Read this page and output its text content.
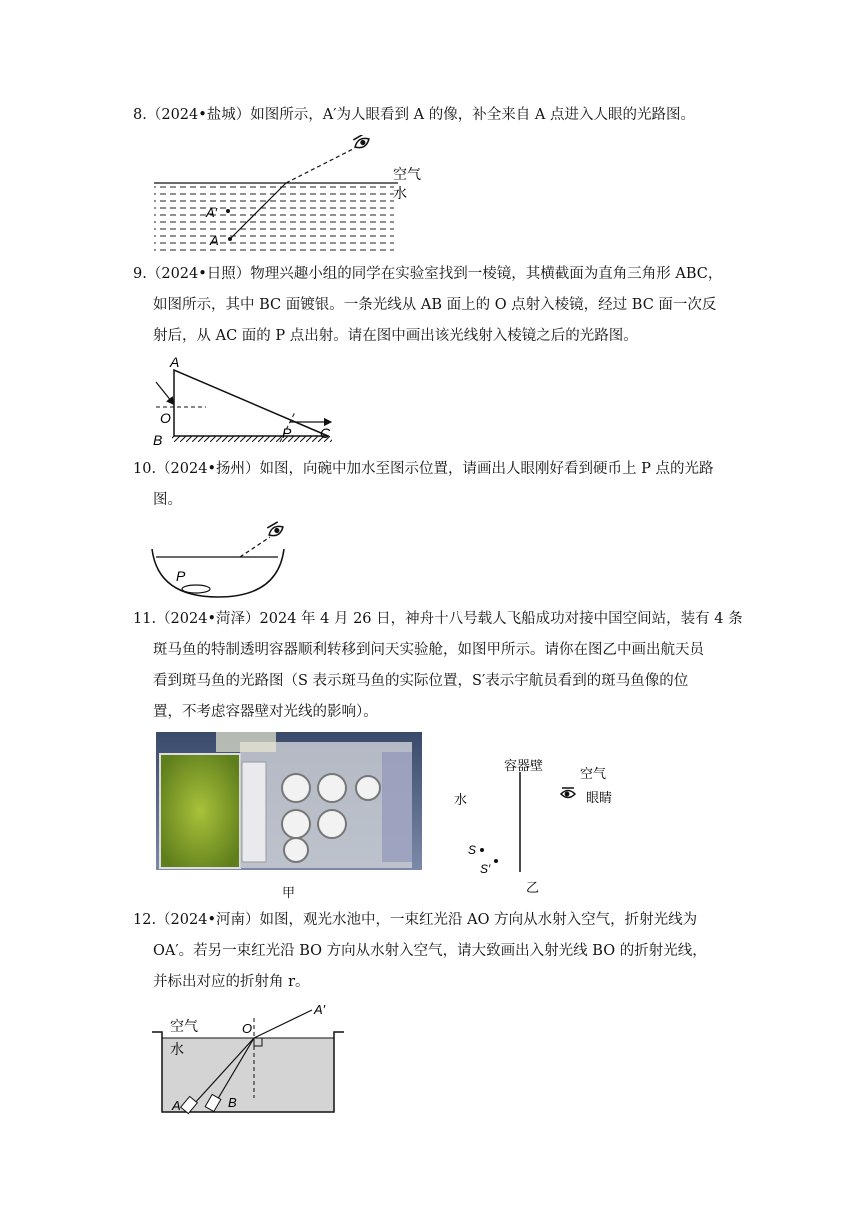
8.（2024•盐城）如图所示，A′为人眼看到 A 的像，补全来自 A 点进入人眼的光路图。
空气
水
A′
A
9.（2024•日照）物理兴趣小组的同学在实验室找到一棱镜，其横截面为直角三角形 ABC，
如图所示，其中 BC 面镀银。一条光线从 AB 面上的 O 点射入棱镜，经过 BC 面一次反
射后，从 AC 面的 P 点出射。请在图中画出该光线射入棱镜之后的光路图。
A
O
B	P C
10.（2024•扬州）如图，向碗中加水至图示位置，请画出人眼刚好看到硬币上 P 点的光路
图。
P
11.（2024•菏泽）2024 年 4 月 26 日，神舟十八号载人飞船成功对接中国空间站，装有 4 条
斑马鱼的特制透明容器顺利转移到问天实验舱，如图甲所示。请你在图乙中画出航天员
看到斑马鱼的光路图（S 表示斑马鱼的实际位置，S′表示宇航员看到的斑马鱼像的位
置，不考虑容器壁对光线的影响）。
甲
容器壁
水
空气
眼睛
S
S′
乙
12.（2024•河南）如图，观光水池中，一束红光沿 AO 方向从水射入空气，折射光线为
OA′。若另一束红光沿 BO 方向从水射入空气，请大致画出入射光线 BO 的折射光线，
并标出对应的折射角 r。
空气
水
O
A′
A	B
